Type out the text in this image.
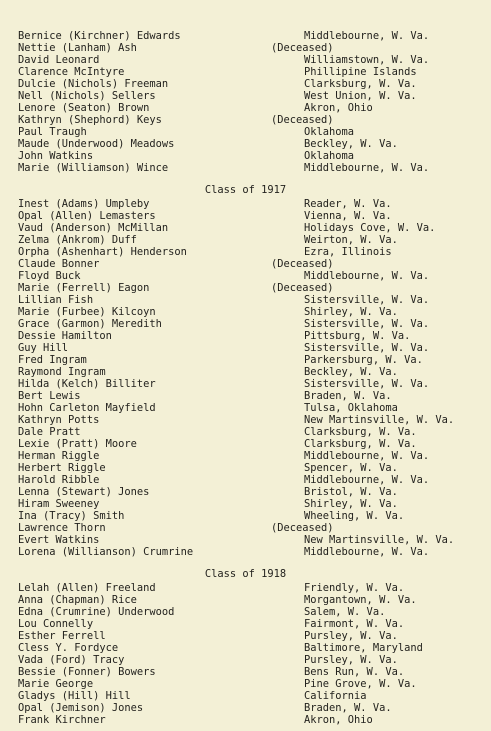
Bernice (Kirchner) Edwards	Middlebourne, W. Va.
Nettie (Lanham) Ash	(Deceased)
David Leonard	Williamstown, W. Va.
Clarence McIntyre	Phillipine Islands
Dulcie (Nichols) Freeman	Clarksburg, W. Va.
Nell (Nichols) Sellers	West Union, W. Va.
Lenore (Seaton) Brown	Akron, Ohio
Kathryn (Shephord) Keys	(Deceased)
Paul Traugh	Oklahoma
Maude (Underwood) Meadows	Beckley, W. Va.
John Watkins	Oklahoma
Marie (Williamson) Wince	Middlebourne, W. Va.
Class of 1917
Inest (Adams) Umpleby	Reader, W. Va.
Opal (Allen) Lemasters	Vienna, W. Va.
Vaud (Anderson) McMillan	Holidays Cove, W. Va.
Zelma (Ankrom) Duff	Weirton, W. Va.
Orpha (Ashenhart) Henderson	Ezra, Illinois
Claude Bonner	(Deceased)
Floyd Buck	Middlebourne, W. Va.
Marie (Ferrell) Eagon	(Deceased)
Lillian Fish	Sistersville, W. Va.
Marie (Furbee) Kilcoyn	Shirley, W. Va.
Grace (Garmon) Meredith	Sistersville, W. Va.
Dessie Hamilton	Pittsburg, W. Va.
Guy Hill	Sistersville, W. Va.
Fred Ingram	Parkersburg, W. Va.
Raymond Ingram	Beckley, W. Va.
Hilda (Kelch) Billiter	Sistersville, W. Va.
Bert Lewis	Braden, W. Va.
Hohn Carleton Mayfield	Tulsa, Oklahoma
Kathryn Potts	New Martinsville, W. Va.
Dale Pratt	Clarksburg, W. Va.
Lexie (Pratt) Moore	Clarksburg, W. Va.
Herman Riggle	Middlebourne, W. Va.
Herbert Riggle	Spencer, W. Va.
Harold Ribble	Middlebourne, W. Va.
Lenna (Stewart) Jones	Bristol, W. Va.
Hiram Sweeney	Shirley, W. Va.
Ina (Tracy) Smith	Wheeling, W. Va.
Lawrence Thorn	(Deceased)
Evert Watkins	New Martinsville, W. Va.
Lorena (Willianson) Crumrine	Middlebourne, W. Va.
Class of 1918
Lelah (Allen) Freeland	Friendly, W. Va.
Anna (Chapman) Rice	Morgantown, W. Va.
Edna (Crumrine) Underwood	Salem, W. Va.
Lou Connelly	Fairmont, W. Va.
Esther Ferrell	Pursley, W. Va.
Cless Y. Fordyce	Baltimore, Maryland
Vada (Ford) Tracy	Pursley, W. Va.
Bessie (Fonner) Bowers	Bens Run, W. Va.
Marie George	Pine Grove, W. Va.
Gladys (Hill) Hill	California
Opal (Jemison) Jones	Braden, W. Va.
Frank Kirchner	Akron, Ohio
